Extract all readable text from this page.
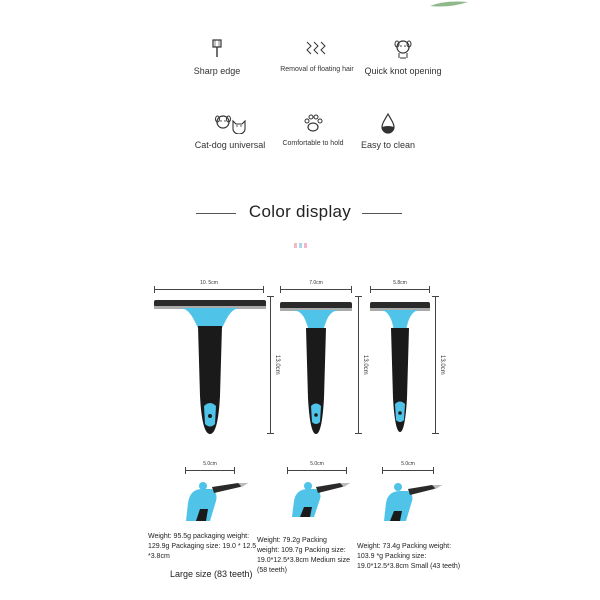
Sharp edge	Removal of floating hair	Quick knot opening
Cat-dog universal	Comfortable to hold	Easy to clean
Color display
10. 5cm
13.0cm
7.0cm
13.0cm
5.8cm
13.0cm
5.0cm	5.0cm	5.0cm
Weight: 95.5g packaging weight:
129.9g Packaging size: 19.0 * 12.5
*3.8cm
Large size (83 teeth)
Weight: 79.2g Packing
weight: 109.7g Packing size:
19.0*12.5*3.8cm Medium size
(58 teeth)
Weight: 73.4g Packing weight:
103.9 *g Packing size:
19.0*12.5*3.8cm Small (43 teeth)
